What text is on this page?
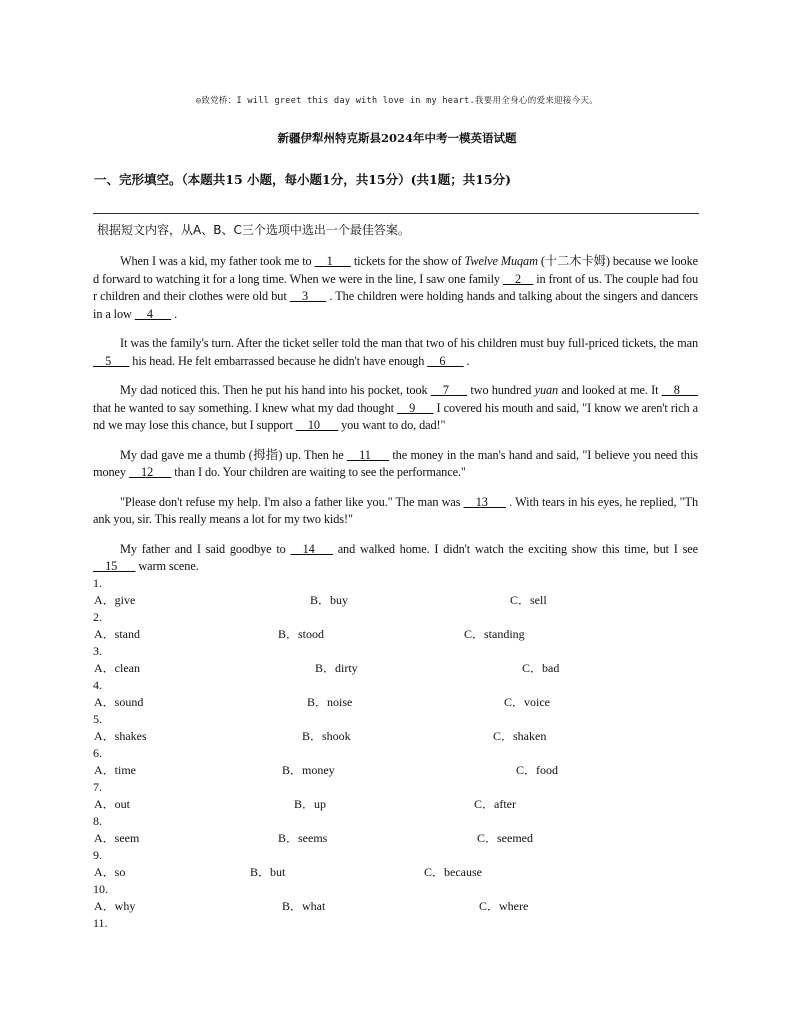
◎致党桥：I will greet this day with love in my heart.我要用全身心的爱来迎接今天。
新疆伊犁州特克斯县2024年中考一模英语试题
一、完形填空。（本题共15 小题，每小题1分，共15分）(共1题；共15分)
根据短文内容，从A、B、C三个选项中选出一个最佳答案。

When I was a kid, my father took me to __1___ tickets for the show of Twelve Muqam (十二木卡姆) because we looked forward to watching it for a long time. When we were in the line, I saw one family __2__ in front of us. The couple had four children and their clothes were old but __3___ . The children were holding hands and talking about the singers and dancers in a low __4___ .

It was the family's turn. After the ticket seller told the man that two of his children must buy full-priced tickets, the man __5___ his head. He felt embarrassed because he didn't have enough __6___ .

My dad noticed this. Then he put his hand into his pocket, took __7___ two hundred yuan and looked at me. It __8___ that he wanted to say something. I knew what my dad thought __9___ I covered his mouth and said, "I know we aren't rich and we may lose this chance, but I support __10___ you want to do, dad!"

My dad gave me a thumb (拇指) up. Then he __11___ the money in the man's hand and said, "I believe you need this money __12___ than I do. Your children are waiting to see the performance."

"Please don't refuse my help. I'm also a father like you." The man was __13___ . With tears in his eyes, he replied, "Thank you, sir. This really means a lot for my two kids!"

My father and I said goodbye to __14___ and walked home. I didn't watch the exciting show this time, but I see __15___ warm scene.

1.
A．give	B．buy	C．sell
2.
A．stand	B．stood	C．standing
3.
A．clean	B．dirty	C．bad
4.
A．sound	B．noise	C．voice
5.
A．shakes	B．shook	C．shaken
6.
A．time	B．money	C．food
7.
A．out	B．up	C．after
8.
A．seem	B．seems	C．seemed
9.
A．so	B．but	C．because
10.
A．why	B．what	C．where
11.
